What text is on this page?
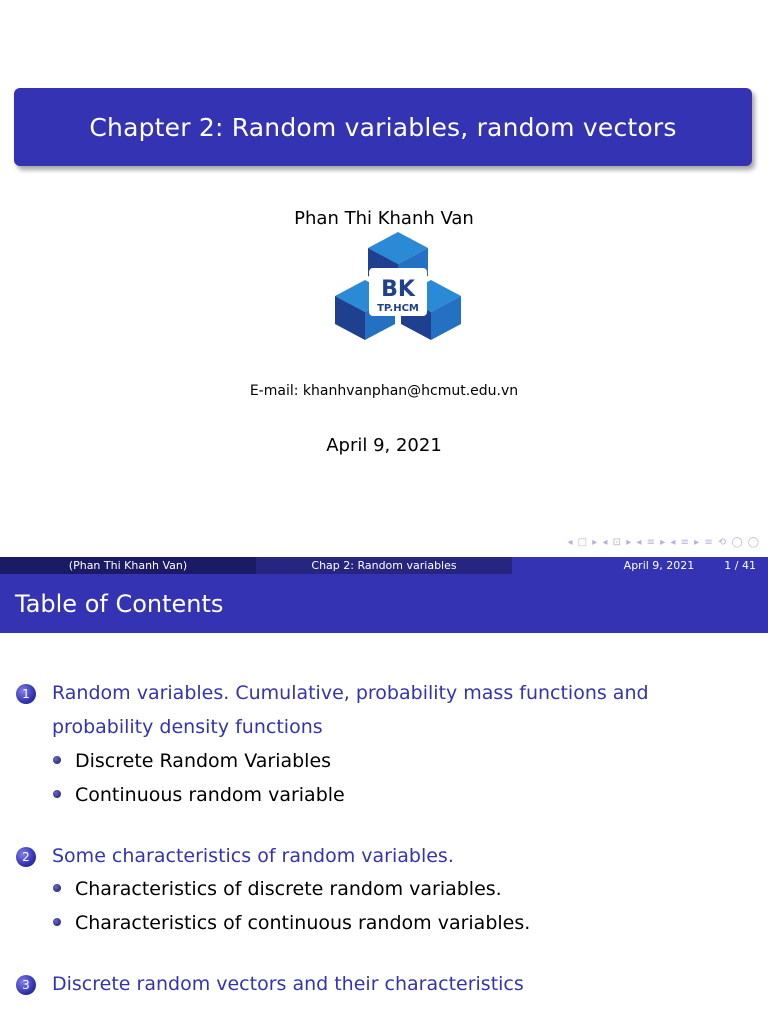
Chapter 2: Random variables, random vectors
Phan Thi Khanh Van
BK
TP.HCM
E-mail: khanhvanphan@hcmut.edu.vn
April 9, 2021
◂ □ ▸ ◂ ⊡ ▸ ◂ ≡ ▸ ◂ ≡ ▸ ≡ ⟲ ◯ ◯
(Phan Thi Khanh Van)	Chap 2: Random variables	April 9, 2021	1 / 41
Table of Contents
1	Random variables. Cumulative, probability mass functions and probability density functions
Discrete Random Variables
Continuous random variable
2	Some characteristics of random variables.
Characteristics of discrete random variables.
Characteristics of continuous random variables.
3	Discrete random vectors and their characteristics
